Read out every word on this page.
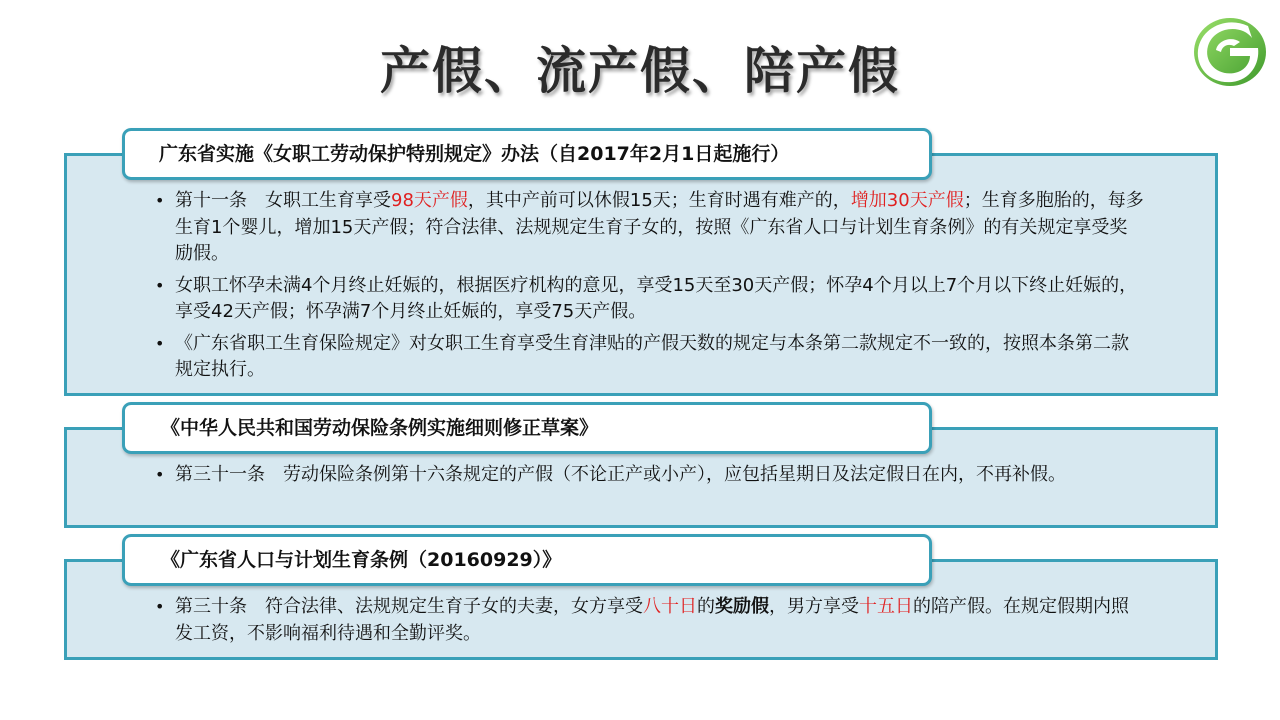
产假、流产假、陪产假
广东省实施《女职工劳动保护特别规定》办法（自2017年2月1日起施行）
• 第十一条　女职工生育享受98天产假，其中产前可以休假15天；生育时遇有难产的，增加30天产假；生育多胞胎的，每多生育1个婴儿，增加15天产假；符合法律、法规规定生育子女的，按照《广东省人口与计划生育条例》的有关规定享受奖励假。
• 女职工怀孕未满4个月终止妊娠的，根据医疗机构的意见，享受15天至30天产假；怀孕4个月以上7个月以下终止妊娠的，享受42天产假；怀孕满7个月终止妊娠的，享受75天产假。
• 《广东省职工生育保险规定》对女职工生育享受生育津贴的产假天数的规定与本条第二款规定不一致的，按照本条第二款规定执行。
《中华人民共和国劳动保险条例实施细则修正草案》
• 第三十一条　劳动保险条例第十六条规定的产假（不论正产或小产），应包括星期日及法定假日在内，不再补假。
《广东省人口与计划生育条例（20160929）》
• 第三十条　符合法律、法规规定生育子女的夫妻，女方享受八十日的奖励假，男方享受十五日的陪产假。在规定假期内照发工资，不影响福利待遇和全勤评奖。
